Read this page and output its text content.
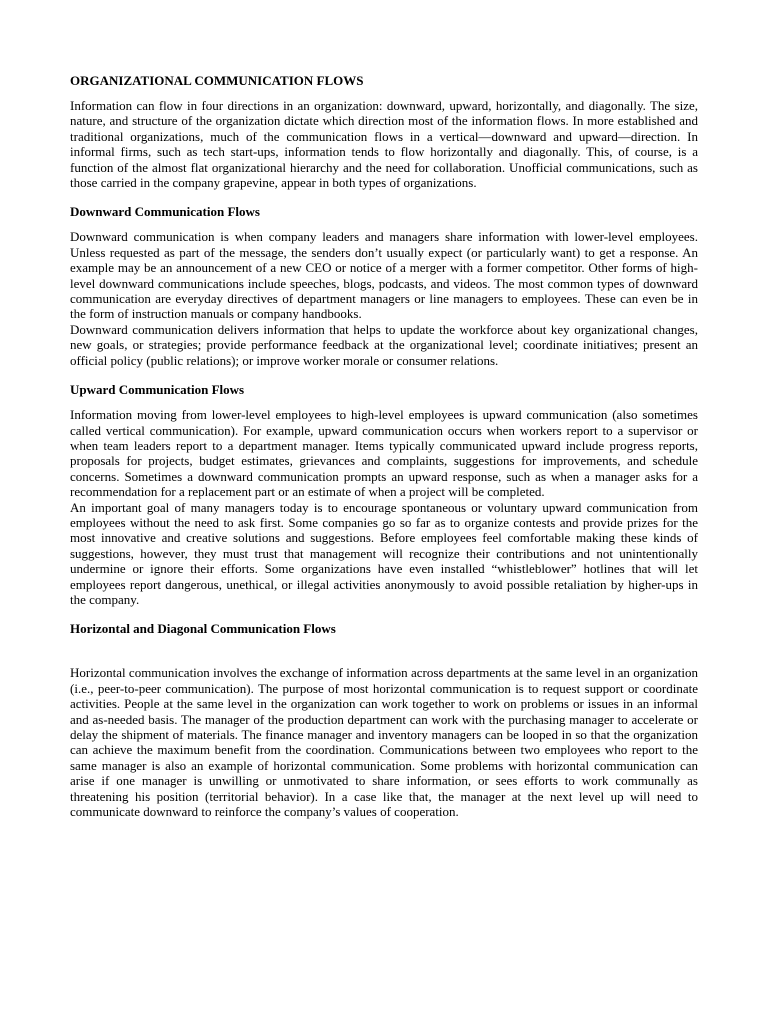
ORGANIZATIONAL COMMUNICATION FLOWS

Information can flow in four directions in an organization: downward, upward, horizontally, and diagonally. The size, nature, and structure of the organization dictate which direction most of the information flows. In more established and traditional organizations, much of the communication flows in a vertical—downward and upward—direction. In informal firms, such as tech start-ups, information tends to flow horizontally and diagonally. This, of course, is a function of the almost flat organizational hierarchy and the need for collaboration. Unofficial communications, such as those carried in the company grapevine, appear in both types of organizations.

Downward Communication Flows

Downward communication is when company leaders and managers share information with lower-level employees. Unless requested as part of the message, the senders don’t usually expect (or particularly want) to get a response. An example may be an announcement of a new CEO or notice of a merger with a former competitor. Other forms of high-level downward communications include speeches, blogs, podcasts, and videos. The most common types of downward communication are everyday directives of department managers or line managers to employees. These can even be in the form of instruction manuals or company handbooks.

Downward communication delivers information that helps to update the workforce about key organizational changes, new goals, or strategies; provide performance feedback at the organizational level; coordinate initiatives; present an official policy (public relations); or improve worker morale or consumer relations.

Upward Communication Flows

Information moving from lower-level employees to high-level employees is upward communication (also sometimes called vertical communication). For example, upward communication occurs when workers report to a supervisor or when team leaders report to a department manager. Items typically communicated upward include progress reports, proposals for projects, budget estimates, grievances and complaints, suggestions for improvements, and schedule concerns. Sometimes a downward communication prompts an upward response, such as when a manager asks for a recommendation for a replacement part or an estimate of when a project will be completed.

An important goal of many managers today is to encourage spontaneous or voluntary upward communication from employees without the need to ask first. Some companies go so far as to organize contests and provide prizes for the most innovative and creative solutions and suggestions. Before employees feel comfortable making these kinds of suggestions, however, they must trust that management will recognize their contributions and not unintentionally undermine or ignore their efforts. Some organizations have even installed “whistleblower” hotlines that will let employees report dangerous, unethical, or illegal activities anonymously to avoid possible retaliation by higher-ups in the company.

Horizontal and Diagonal Communication Flows

Horizontal communication involves the exchange of information across departments at the same level in an organization (i.e., peer-to-peer communication). The purpose of most horizontal communication is to request support or coordinate activities. People at the same level in the organization can work together to work on problems or issues in an informal and as-needed basis. The manager of the production department can work with the purchasing manager to accelerate or delay the shipment of materials. The finance manager and inventory managers can be looped in so that the organization can achieve the maximum benefit from the coordination. Communications between two employees who report to the same manager is also an example of horizontal communication. Some problems with horizontal communication can arise if one manager is unwilling or unmotivated to share information, or sees efforts to work communally as threatening his position (territorial behavior). In a case like that, the manager at the next level up will need to communicate downward to reinforce the company’s values of cooperation.
